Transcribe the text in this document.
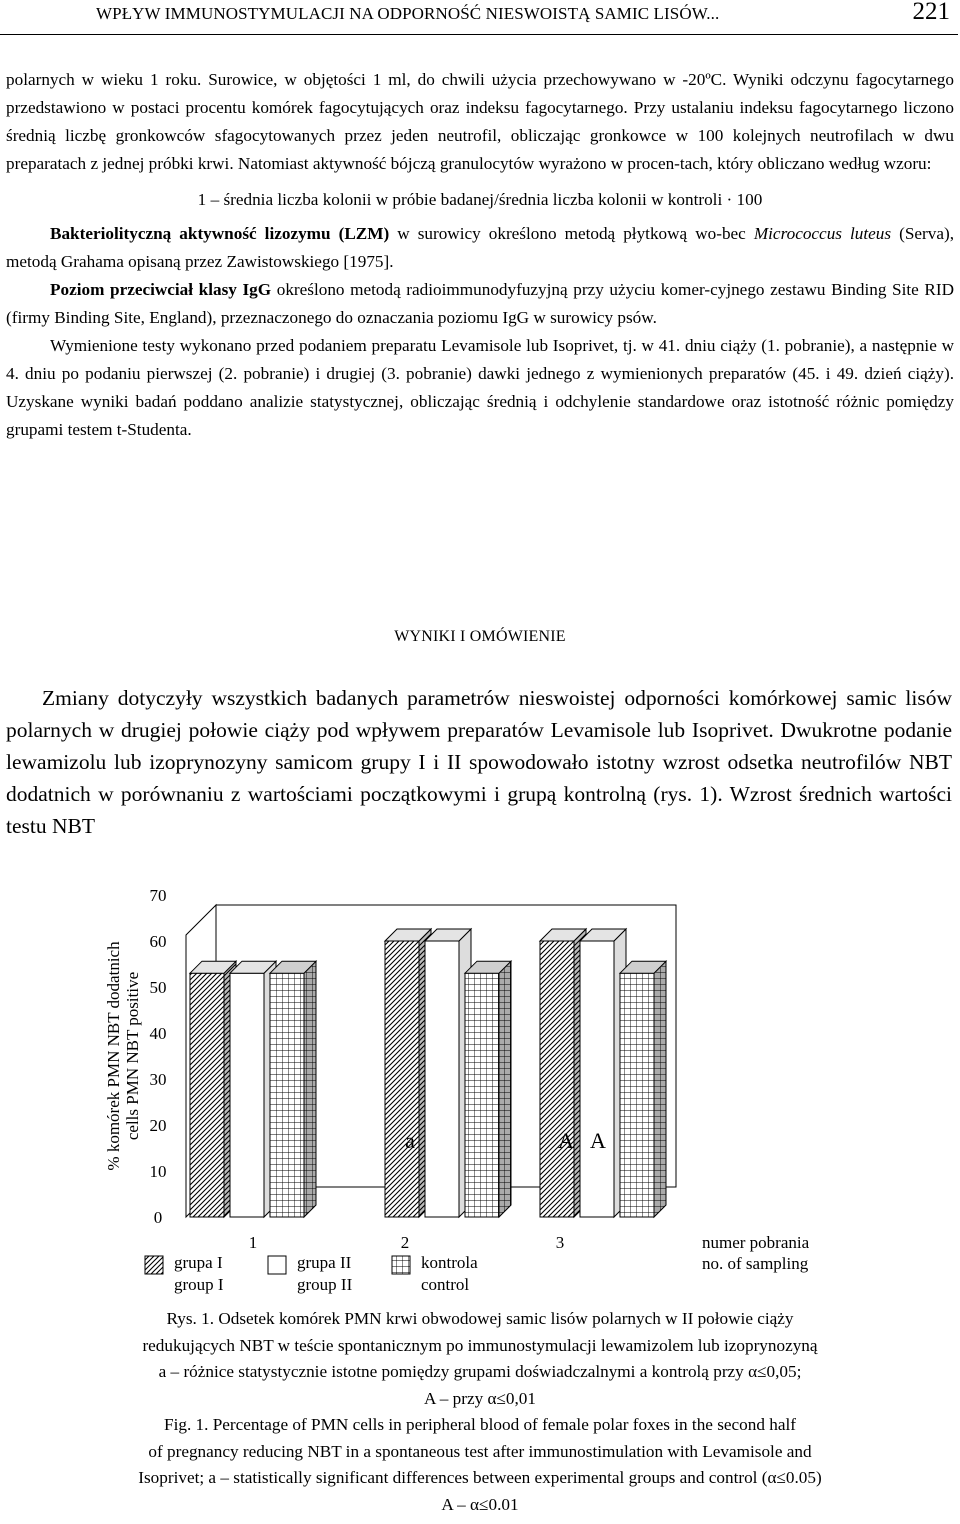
WPŁYW IMMUNOSTYMULACJI NA ODPORNOŚĆ NIESWOISTĄ SAMIC LISÓW...	221

polarnych w wieku 1 roku. Surowice, w objętości 1 ml, do chwili użycia przechowywano w -20ºC. Wyniki odczynu fagocytarnego przedstawiono w postaci procentu komórek fagocytujących oraz indeksu fagocytarnego. Przy ustalaniu indeksu fagocytarnego liczono średnią liczbę gronkowców sfagocytowanych przez jeden neutrofil, obliczając gronkowce w 100 kolejnych neutrofilach w dwu preparatach z jednej próbki krwi. Natomiast aktywność bójczą granulocytów wyrażono w procen-tach, który obliczano według wzoru:

1 – średnia liczba kolonii w próbie badanej/średnia liczba kolonii w kontroli · 100

Bakteriolityczną aktywność lizozymu (LZM) w surowicy określono metodą płytkową wo-bec Micrococcus luteus (Serva), metodą Grahama opisaną przez Zawistowskiego [1975].

Poziom przeciwciał klasy IgG określono metodą radioimmunodyfuzyjną przy użyciu komer-cyjnego zestawu Binding Site RID (firmy Binding Site, England), przeznaczonego do oznaczania poziomu IgG w surowicy psów.

Wymienione testy wykonano przed podaniem preparatu Levamisole lub Isoprivet, tj. w 41. dniu ciąży (1. pobranie), a następnie w 4. dniu po podaniu pierwszej (2. pobranie) i drugiej (3. pobranie) dawki jednego z wymienionych preparatów (45. i 49. dzień ciąży). Uzyskane wyniki badań poddano analizie statystycznej, obliczając średnią i odchylenie standardowe oraz istotność różnic pomiędzy grupami testem t-Studenta.

WYNIKI I OMÓWIENIE

Zmiany dotyczyły wszystkich badanych parametrów nieswoistej odporności komórkowej samic lisów polarnych w drugiej połowie ciąży pod wpływem preparatów Levamisole lub Isoprivet. Dwukrotne podanie lewamizolu lub izoprynozyny samicom grupy I i II spowodowało istotny wzrost odsetka neutrofilów NBT dodatnich w porównaniu z wartościami początkowymi i grupą kontrolną (rys. 1). Wzrost średnich wartości testu NBT

% komórek PMN NBT dodatnich cells PMN NBT positive
0
10
20
30
40
50
60
70
1	2	3
a	A A
grupa I
group I
grupa II
group II
kontrola
control
numer pobrania
no. of sampling

Rys. 1. Odsetek komórek PMN krwi obwodowej samic lisów polarnych w II połowie ciąży

redukujących NBT w teście spontanicznym po immunostymulacji lewamizolem lub izoprynozyną

a – różnice statystycznie istotne pomiędzy grupami doświadczalnymi a kontrolą przy α≤0,05;

A – przy α≤0,01

Fig. 1. Percentage of PMN cells in peripheral blood of female polar foxes in the second half

of pregnancy reducing NBT in a spontaneous test after immunostimulation with Levamisole and

Isoprivet; a – statistically significant differences between experimental groups and control (α≤0.05)

A – α≤0.01
